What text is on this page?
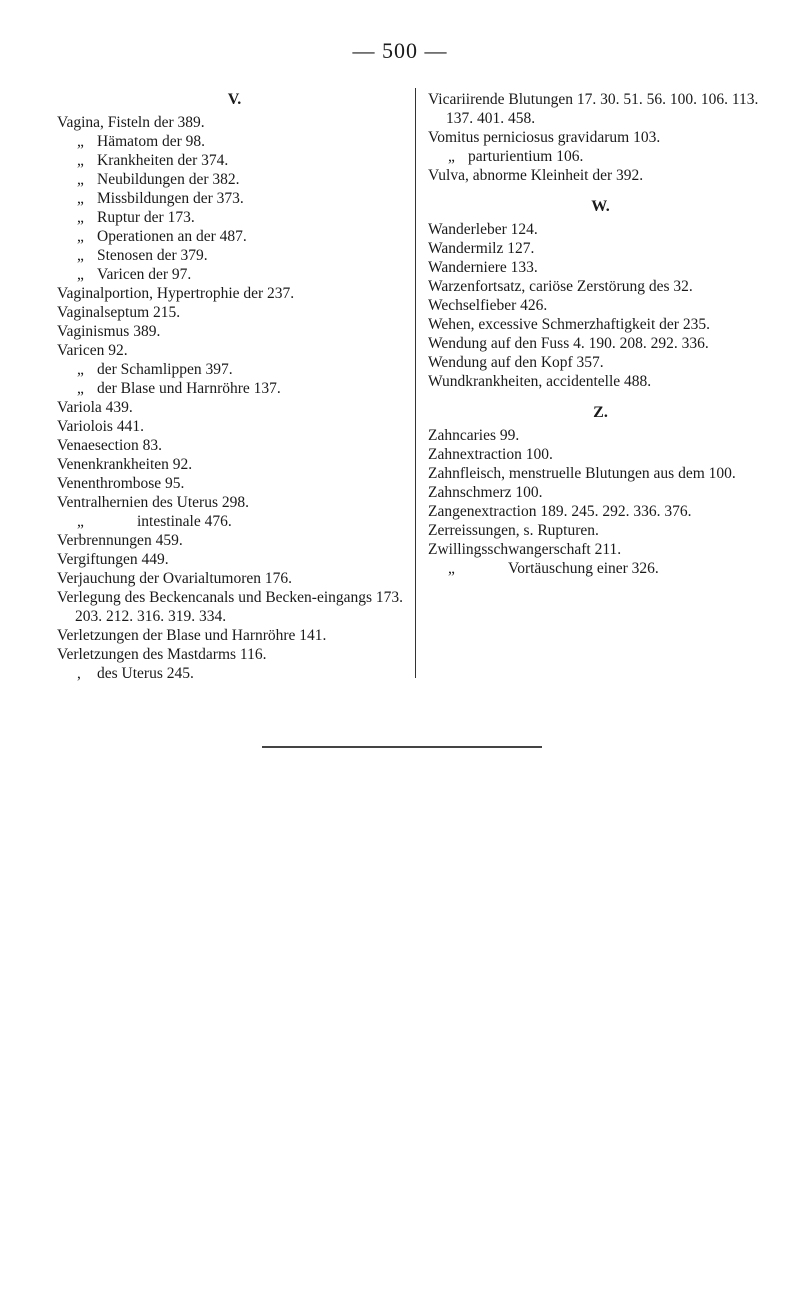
— 500 —
V.
Vagina, Fisteln der 389.
„ Hämatom der 98.
„ Krankheiten der 374.
„ Neubildungen der 382.
„ Missbildungen der 373.
„ Ruptur der 173.
„ Operationen an der 487.
„ Stenosen der 379.
„ Varicen der 97.
Vaginalportion, Hypertrophie der 237.
Vaginalseptum 215.
Vaginismus 389.
Varicen 92.
„ der Schamlippen 397.
„ der Blase und Harnröhre 137.
Variola 439.
Variolois 441.
Venaesection 83.
Venenkrankheiten 92.
Venenthrombose 95.
Ventralhernien des Uterus 298.
„	intestinale 476.
Verbrennungen 459.
Vergiftungen 449.
Verjauchung der Ovarialtumoren 176.
Verlegung des Beckencanals und Becken-eingangs 173. 203. 212. 316. 319. 334.
Verletzungen der Blase und Harnröhre 141.
Verletzungen des Mastdarms 116.
, des Uterus 245.
Vicariirende Blutungen 17. 30. 51. 56. 100. 106. 113. 137. 401. 458.
Vomitus perniciosus gravidarum 103.
„ parturientium 106.
Vulva, abnorme Kleinheit der 392.
W.
Wanderleber 124.
Wandermilz 127.
Wanderniere 133.
Warzenfortsatz, cariöse Zerstörung des 32.
Wechselfieber 426.
Wehen, excessive Schmerzhaftigkeit der 235.
Wendung auf den Fuss 4. 190. 208. 292. 336.
Wendung auf den Kopf 357.
Wundkrankheiten, accidentelle 488.
Z.
Zahncaries 99.
Zahnextraction 100.
Zahnfleisch, menstruelle Blutungen aus dem 100.
Zahnschmerz 100.
Zangenextraction 189. 245. 292. 336. 376.
Zerreissungen, s. Rupturen.
Zwillingsschwangerschaft 211.
„	Vortäuschung einer 326.
